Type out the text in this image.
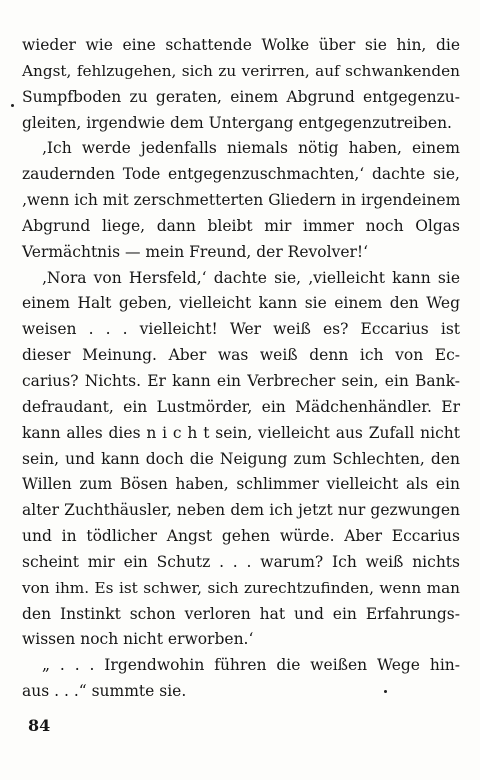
wieder wie eine schattende Wolke über sie hin, die
Angst, fehlzugehen, sich zu verirren, auf schwankenden
Sumpfboden zu geraten, einem Abgrund entgegenzu-
gleiten, irgendwie dem Untergang entgegenzutreiben.
‚Ich werde jedenfalls niemals nötig haben, einem
zaudernden Tode entgegenzuschmachten,‘ dachte sie,
‚wenn ich mit zerschmetterten Gliedern in irgendeinem
Abgrund liege, dann bleibt mir immer noch Olgas
Vermächtnis — mein Freund, der Revolver!‘
‚Nora von Hersfeld,‘ dachte sie, ‚vielleicht kann sie
einem Halt geben, vielleicht kann sie einem den Weg
weisen . . . vielleicht! Wer weiß es? Eccarius ist
dieser Meinung. Aber was weiß denn ich von Ec-
carius? Nichts. Er kann ein Verbrecher sein, ein Bank-
defraudant, ein Lustmörder, ein Mädchenhändler. Er
kann alles dies n i c h t sein, vielleicht aus Zufall nicht
sein, und kann doch die Neigung zum Schlechten, den
Willen zum Bösen haben, schlimmer vielleicht als ein
alter Zuchthäusler, neben dem ich jetzt nur gezwungen
und in tödlicher Angst gehen würde. Aber Eccarius
scheint mir ein Schutz . . . warum? Ich weiß nichts
von ihm. Es ist schwer, sich zurechtzufinden, wenn man
den Instinkt schon verloren hat und ein Erfahrungs-
wissen noch nicht erworben.‘
„ . . . Irgendwohin führen die weißen Wege hin-
aus . . .“ summte sie.
84
